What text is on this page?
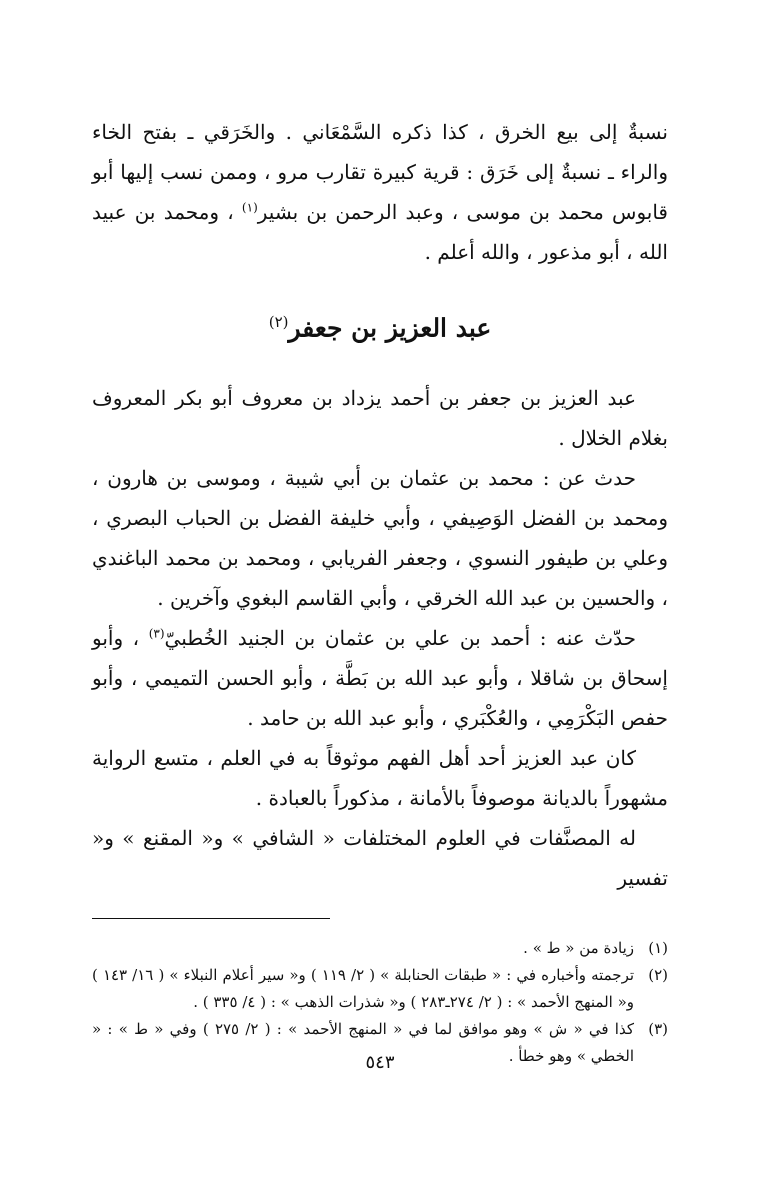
نسبةٌ إلى بيع الخرق ، كذا ذكره السَّمْعَاني . والخَرَقي ـ بفتح الخاء والراء ـ نسبةٌ إلى خَرَق : قرية كبيرة تقارب مرو ، وممن نسب إليها أبو قابوس محمد بن موسى ، وعبد الرحمن بن بشير$^{(١)}$ ، ومحمد بن عبيد الله ، أبو مذعور ، والله أعلم .

عبد العزيز بن جعفر$^{(٢)}$

عبد العزيز بن جعفر بن أحمد يزداد بن معروف أبو بكر المعروف بغلام الخلال .

حدث عن : محمد بن عثمان بن أبي شيبة ، وموسى بن هارون ، ومحمد بن الفضل الوَصِيفي ، وأبي خليفة الفضل بن الحباب البصري ، وعلي بن طيفور النسوي ، وجعفر الفريابي ، ومحمد بن محمد الباغندي ، والحسين بن عبد الله الخرقي ، وأبي القاسم البغوي وآخرين .

حدّث عنه : أحمد بن علي بن عثمان بن الجنيد الخُطبيّ$^{(٣)}$ ، وأبو إسحاق بن شاقلا ، وأبو عبد الله بن بَطَّة ، وأبو الحسن التميمي ، وأبو حفص البَكْرَمِي ، والعُكْبَري ، وأبو عبد الله بن حامد .

كان عبد العزيز أحد أهل الفهم موثوقاً به في العلم ، متسع الرواية مشهوراً بالديانة موصوفاً بالأمانة ، مذكوراً بالعبادة .

له المصنَّفات في العلوم المختلفات « الشافي » و« المقنع » و« تفسير

(١)
زيادة من « ط » .
(٢)
ترجمته وأخباره في : « طبقات الحنابلة » ( ٢/ ١١٩ ) و« سير أعلام النبلاء » ( ١٦/ ١٤٣ ) و« المنهج الأحمد » : ( ٢/ ٢٧٤ـ٢٨٣ ) و« شذرات الذهب » : ( ٤/ ٣٣٥ ) .
(٣)
كذا في « ش » وهو موافق لما في « المنهج الأحمد » : ( ٢/ ٢٧٥ ) وفي « ط » : « الخطي » وهو خطأ .
٥٤٣
